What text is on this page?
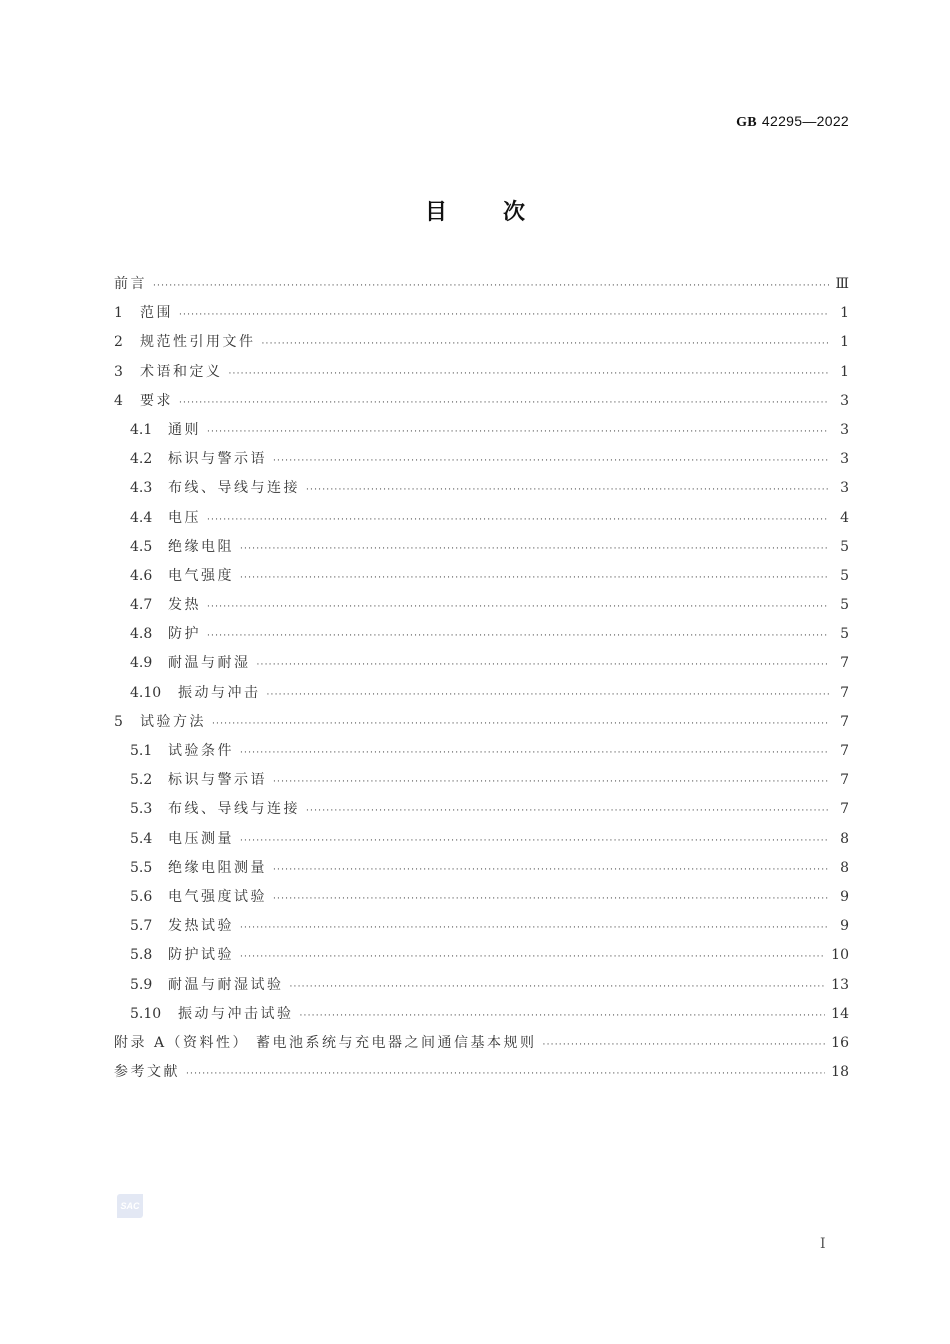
GB 42295—2022
目	次
前言 ·····	Ⅲ
1	范围 ·····	1
2	规范性引用文件 ·····	1
3	术语和定义 ·····	1
4	要求 ·····	3
4.1	通则 ·····	3
4.2	标识与警示语 ·····	3
4.3	布线、导线与连接 ·····	3
4.4	电压 ·····	4
4.5	绝缘电阻 ·····	5
4.6	电气强度 ·····	5
4.7	发热 ·····	5
4.8	防护 ·····	5
4.9	耐温与耐湿 ·····	7
4.10	振动与冲击 ·····	7
5	试验方法 ·····	7
5.1	试验条件 ·····	7
5.2	标识与警示语 ·····	7
5.3	布线、导线与连接 ·····	7
5.4	电压测量 ·····	8
5.5	绝缘电阻测量 ·····	8
5.6	电气强度试验 ·····	9
5.7	发热试验 ·····	9
5.8	防护试验 ·····	10
5.9	耐温与耐湿试验 ·····	13
5.10	振动与冲击试验 ·····	14
附录 A（资料性） 蓄电池系统与充电器之间通信基本规则 ·····	16
参考文献 ·····	18
SAC
Ⅰ
